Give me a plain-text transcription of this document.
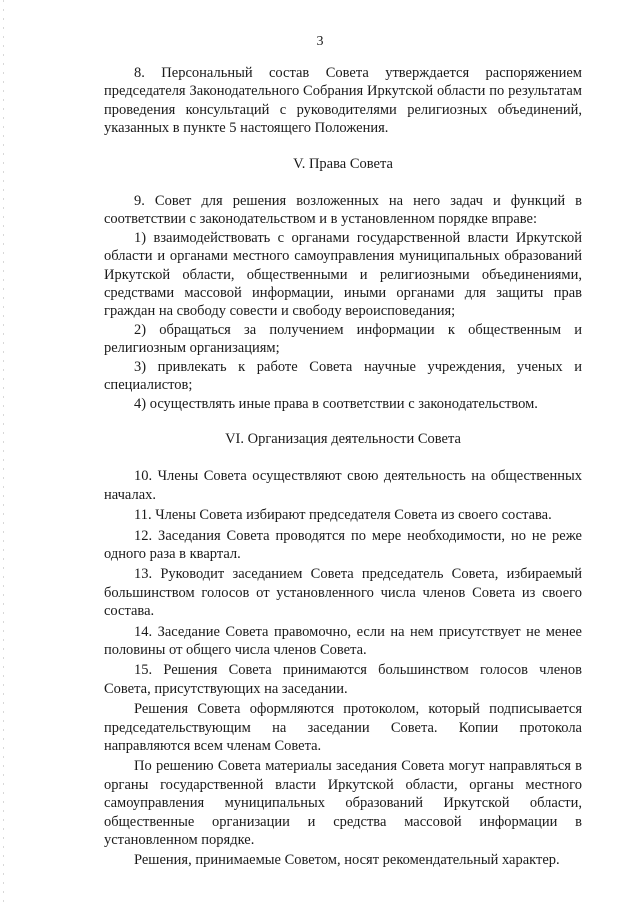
3

8. Персональный состав Совета утверждается распоряжением председателя Законодательного Собрания Иркутской области по результатам проведения консультаций с руководителями религиозных объединений, указанных в пункте 5 настоящего Положения.

V. Права Совета

9. Совет для решения возложенных на него задач и функций в соответствии с законодательством и в установленном порядке вправе:

1) взаимодействовать с органами государственной власти Иркутской области и органами местного самоуправления муниципальных образований Иркутской области, общественными и религиозными объединениями, средствами массовой информации, иными органами для защиты прав граждан на свободу совести и свободу вероисповедания;

2) обращаться за получением информации к общественным и религиозным организациям;

3) привлекать к работе Совета научные учреждения, ученых и специалистов;

4) осуществлять иные права в соответствии с законодательством.

VI. Организация деятельности Совета

10. Члены Совета осуществляют свою деятельность на общественных началах.

11. Члены Совета избирают председателя Совета из своего состава.

12. Заседания Совета проводятся по мере необходимости, но не реже одного раза в квартал.

13. Руководит заседанием Совета председатель Совета, избираемый большинством голосов от установленного числа членов Совета из своего состава.

14. Заседание Совета правомочно, если на нем присутствует не менее половины от общего числа членов Совета.

15. Решения Совета принимаются большинством голосов членов Совета, присутствующих на заседании.

Решения Совета оформляются протоколом, который подписывается председательствующим на заседании Совета. Копии протокола направляются всем членам Совета.

По решению Совета материалы заседания Совета могут направляться в органы государственной власти Иркутской области, органы местного самоуправления муниципальных образований Иркутской области, общественные организации и средства массовой информации в установленном порядке.

Решения, принимаемые Советом, носят рекомендательный характер.
